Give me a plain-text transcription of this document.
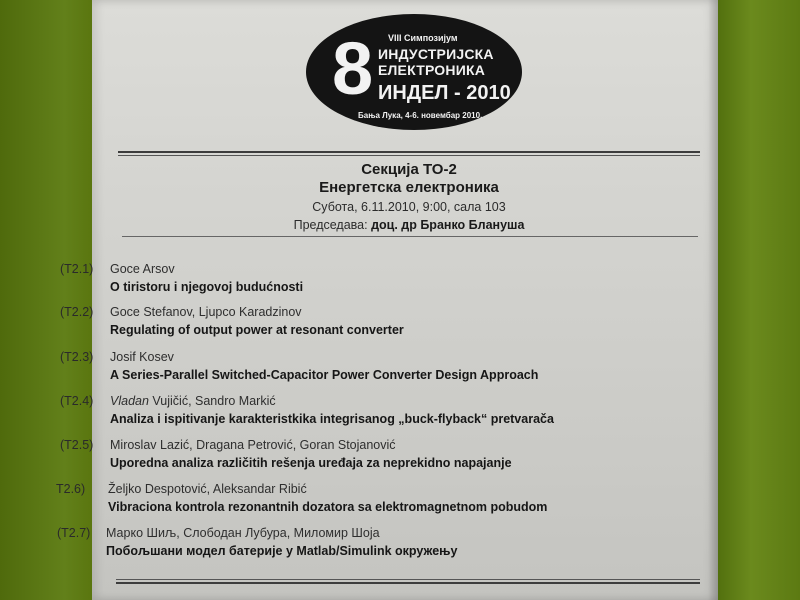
8 VIII Симпозијум
ИНДУСТРИЈСКА
ЕЛЕКТРОНИКА
ИНДЕЛ - 2010
Бања Лука, 4-6. новембар 2010.
Секција ТО-2
Енергетска електроника
Субота, 6.11.2010, 9:00, сала 103
Председава: доц. др Бранко Блануша
(T2.1) Goce Arsov
O tiristoru i njegovoj budućnosti
(T2.2) Goce Stefanov, Ljupco Karadzinov
Regulating of output power at resonant converter
(T2.3) Josif Kosev
A Series-Parallel Switched-Capacitor Power Converter Design Approach
(T2.4) Vladan Vujičić, Sandro Markić
Analiza i ispitivanje karakteristkika integrisanog „buck-flyback“ pretvarača
(T2.5) Miroslav Lazić, Dragana Petrović, Goran Stojanović
Uporedna analiza različitih rešenja uređaja za neprekidno napajanje
T2.6) Željko Despotović, Aleksandar Ribić
Vibraciona kontrola rezonantnih dozatora sa elektromagnetnom pobudom
(T2.7) Марко Шиљ, Слободан Лубура, Миломир Шоја
Побољшани модел батерије у Matlab/Simulink окружењу
